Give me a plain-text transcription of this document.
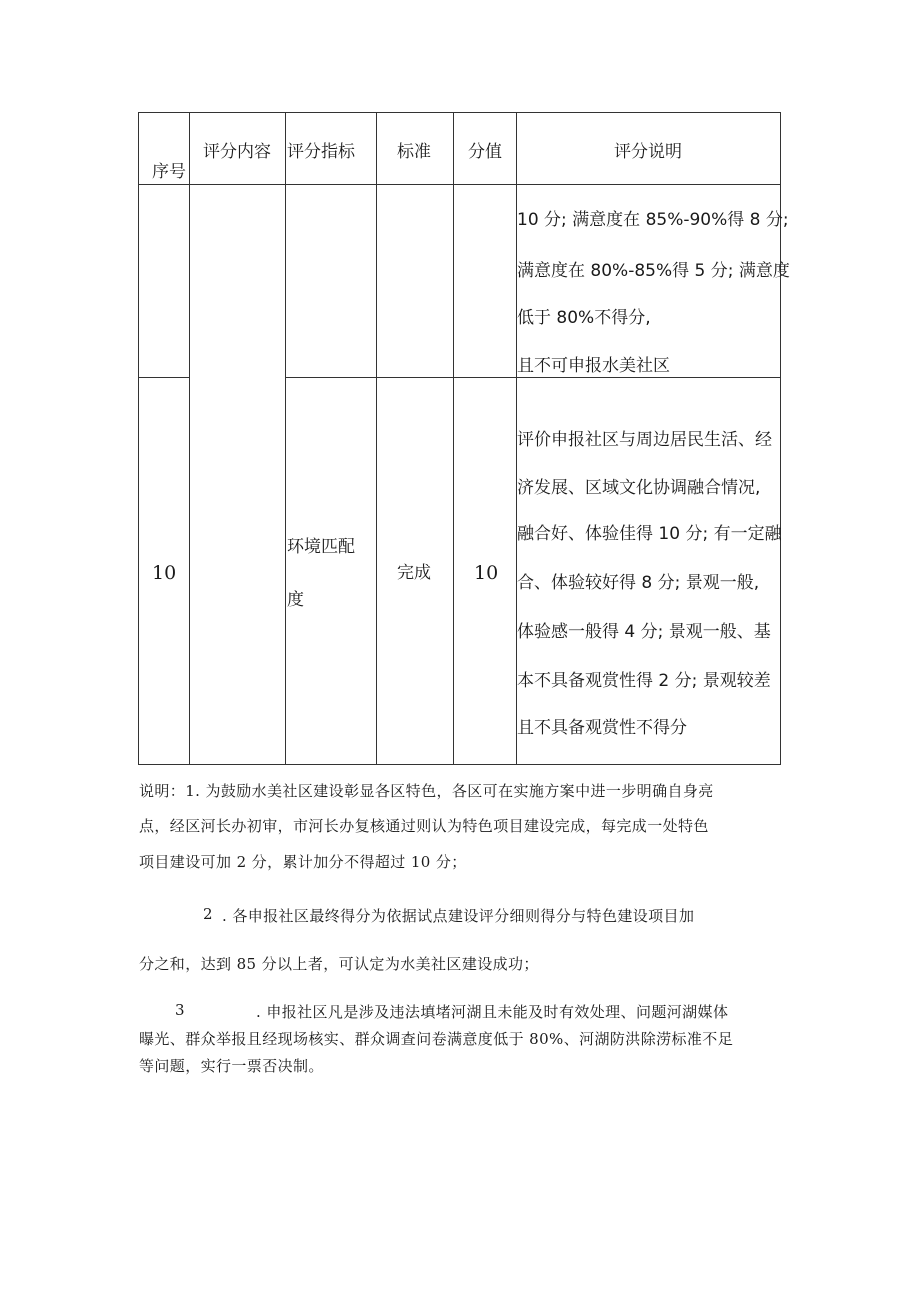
序号
评分内容 评分指标 标准 分值	评分说明
10 分; 满意度在 85%-90%得 8 分;
满意度在 80%-85%得 5 分; 满意度
低于 80%不得分,
且不可申报水美社区
10
环境匹配
度
完成 10
评价申报社区与周边居民生活、经
济发展、区域文化协调融合情况,
融合好、体验佳得 10 分; 有一定融
合、体验较好得 8 分; 景观一般,
体验感一般得 4 分; 景观一般、基
本不具备观赏性得 2 分; 景观较差
且不具备观赏性不得分
说明：1. 为鼓励水美社区建设彰显各区特色，各区可在实施方案中进一步明确自身亮
点，经区河长办初审，市河长办复核通过则认为特色项目建设完成，每完成一处特色
项目建设可加 2 分，累计加分不得超过 10 分；
2 . 各申报社区最终得分为依据试点建设评分细则得分与特色建设项目加
分之和，达到 85 分以上者，可认定为水美社区建设成功；
3	. 申报社区凡是涉及违法填堵河湖且未能及时有效处理、问题河湖媒体
曝光、群众举报且经现场核实、群众调查问卷满意度低于 80%、河湖防洪除涝标准不足
等问题，实行一票否决制。
